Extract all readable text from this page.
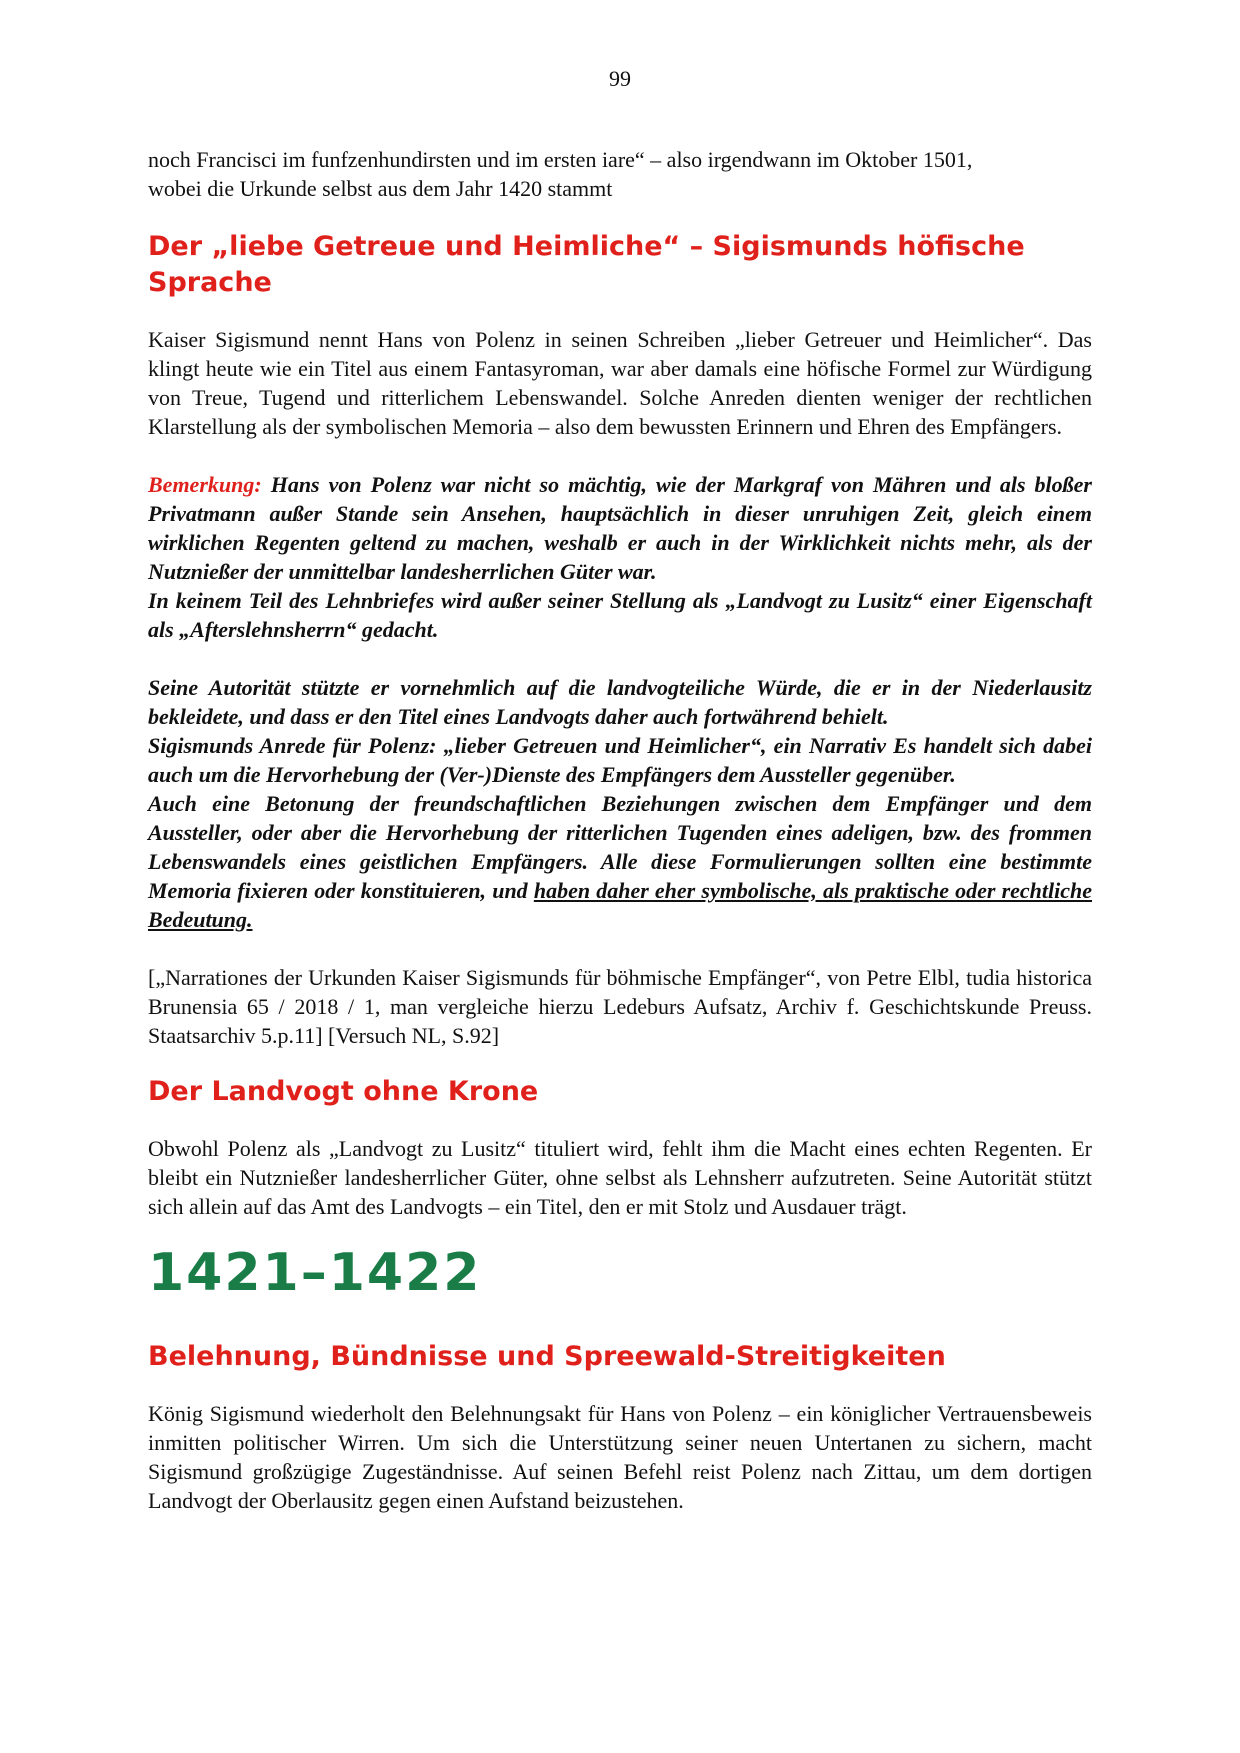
99

noch Francisci im funfzenhundirsten und im ersten iare“ – also irgendwann im Oktober 1501,

wobei die Urkunde selbst aus dem Jahr 1420 stammt

Der „liebe Getreue und Heimliche“ – Sigismunds höfische Sprache

Kaiser Sigismund nennt Hans von Polenz in seinen Schreiben „lieber Getreuer und Heimlicher“. Das klingt heute wie ein Titel aus einem Fantasyroman, war aber damals eine höfische Formel zur Würdigung von Treue, Tugend und ritterlichem Lebenswandel. Solche Anreden dienten weniger der rechtlichen Klarstellung als der symbolischen Memoria – also dem bewussten Erinnern und Ehren des Empfängers.

Bemerkung: Hans von Polenz war nicht so mächtig, wie der Markgraf von Mähren und als bloßer Privatmann außer Stande sein Ansehen, hauptsächlich in dieser unruhigen Zeit, gleich einem wirklichen Regenten geltend zu machen, weshalb er auch in der Wirklichkeit nichts mehr, als der Nutznießer der unmittelbar landesherrlichen Güter war.

In keinem Teil des Lehnbriefes wird außer seiner Stellung als „Landvogt zu Lusitz“ einer Eigenschaft als „Afterslehnsherrn“ gedacht.

Seine Autorität stützte er vornehmlich auf die landvogteiliche Würde, die er in der Niederlausitz bekleidete, und dass er den Titel eines Landvogts daher auch fortwährend behielt.

Sigismunds Anrede für Polenz: „lieber Getreuen und Heimlicher“, ein Narrativ Es handelt sich dabei auch um die Hervorhebung der (Ver-)Dienste des Empfängers dem Aussteller gegenüber.

Auch eine Betonung der freundschaftlichen Beziehungen zwischen dem Empfänger und dem Aussteller, oder aber die Hervorhebung der ritterlichen Tugenden eines adeligen, bzw. des frommen Lebenswandels eines geistlichen Empfängers. Alle diese Formulierungen sollten eine bestimmte Memoria fixieren oder konstituieren, und haben daher eher symbolische, als praktische oder rechtliche Bedeutung.

[„Narrationes der Urkunden Kaiser Sigismunds für böhmische Empfänger“, von Petre Elbl, tudia historica Brunensia 65 / 2018 / 1, man vergleiche hierzu Ledeburs Aufsatz, Archiv f. Geschichtskunde Preuss. Staatsarchiv 5.p.11] [Versuch NL, S.92]

Der Landvogt ohne Krone

Obwohl Polenz als „Landvogt zu Lusitz“ tituliert wird, fehlt ihm die Macht eines echten Regenten. Er bleibt ein Nutznießer landesherrlicher Güter, ohne selbst als Lehnsherr aufzutreten. Seine Autorität stützt sich allein auf das Amt des Landvogts – ein Titel, den er mit Stolz und Ausdauer trägt.

1421–1422
Belehnung, Bündnisse und Spreewald-Streitigkeiten

König Sigismund wiederholt den Belehnungsakt für Hans von Polenz – ein königlicher Vertrauensbeweis inmitten politischer Wirren. Um sich die Unterstützung seiner neuen Untertanen zu sichern, macht Sigismund großzügige Zugeständnisse. Auf seinen Befehl reist Polenz nach Zittau, um dem dortigen Landvogt der Oberlausitz gegen einen Aufstand beizustehen.
